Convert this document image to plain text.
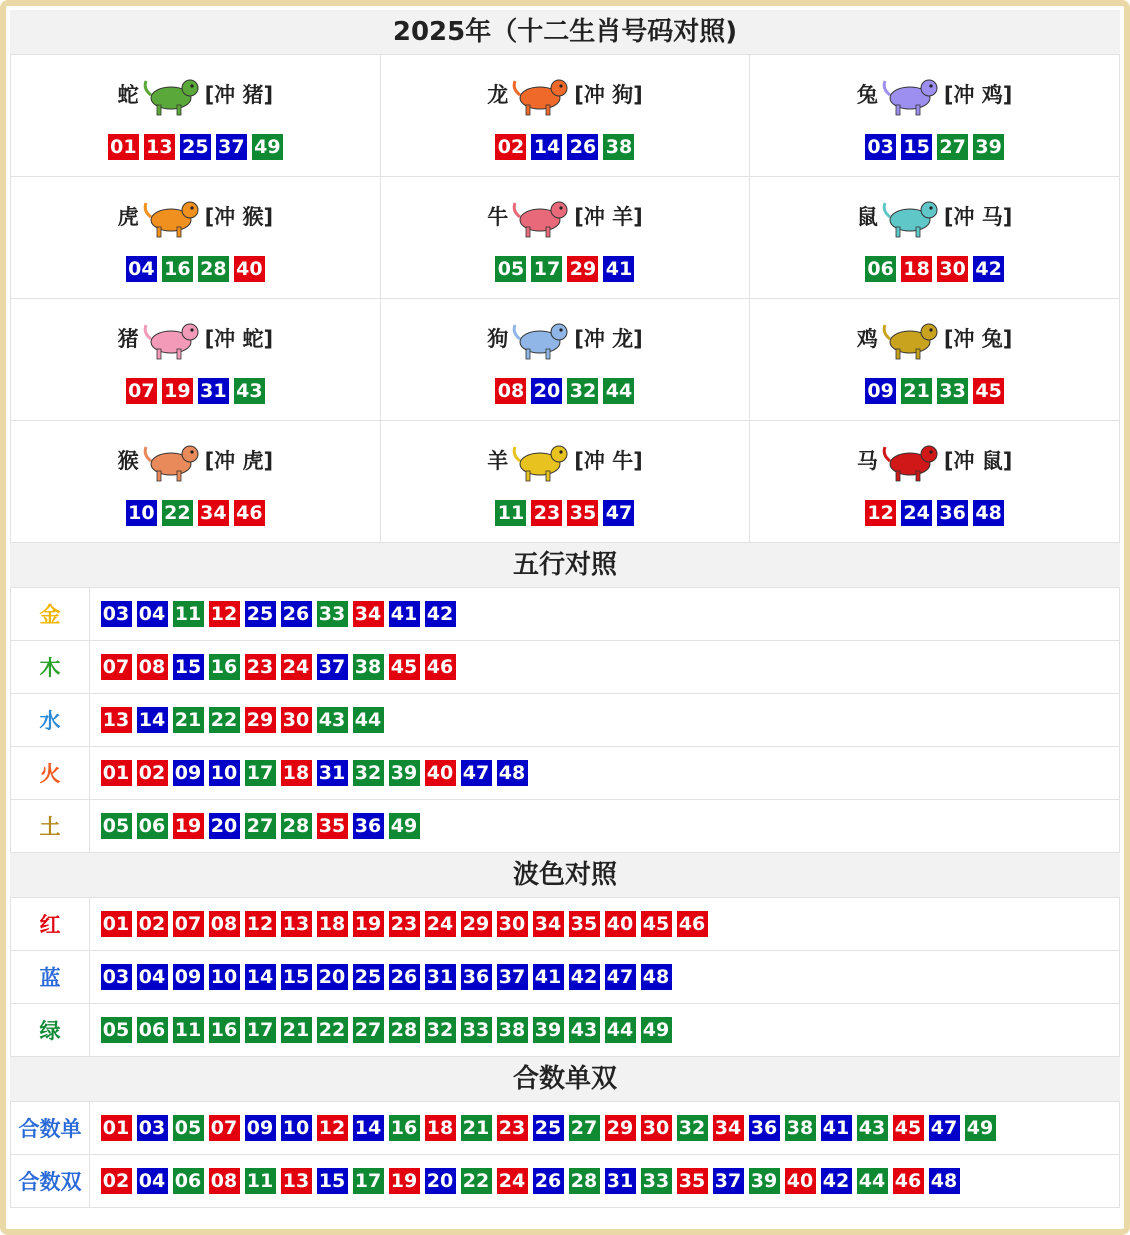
2025年（十二生肖号码对照)
蛇	[冲 猪]
01 13 25 37 49
龙	[冲 狗]
02 14 26 38
兔	[冲 鸡]
03 15 27 39
虎	[冲 猴]
04 16 28 40
牛	[冲 羊]
05 17 29 41
鼠	[冲 马]
06 18 30 42
猪	[冲 蛇]
07 19 31 43
狗	[冲 龙]
08 20 32 44
鸡	[冲 兔]
09 21 33 45
猴	[冲 虎]
10 22 34 46
羊	[冲 牛]
11 23 35 47
马	[冲 鼠]
12 24 36 48
五行对照
金	03 04 11 12 25 26 33 34 41 42
木	07 08 15 16 23 24 37 38 45 46
水	13 14 21 22 29 30 43 44
火	01 02 09 10 17 18 31 32 39 40 47 48
土	05 06 19 20 27 28 35 36 49
波色对照
红	01 02 07 08 12 13 18 19 23 24 29 30 34 35 40 45 46
蓝	03 04 09 10 14 15 20 25 26 31 36 37 41 42 47 48
绿	05 06 11 16 17 21 22 27 28 32 33 38 39 43 44 49
合数单双
合数单	01 03 05 07 09 10 12 14 16 18 21 23 25 27 29 30 32 34 36 38 41 43 45 47 49
合数双	02 04 06 08 11 13 15 17 19 20 22 24 26 28 31 33 35 37 39 40 42 44 46 48
